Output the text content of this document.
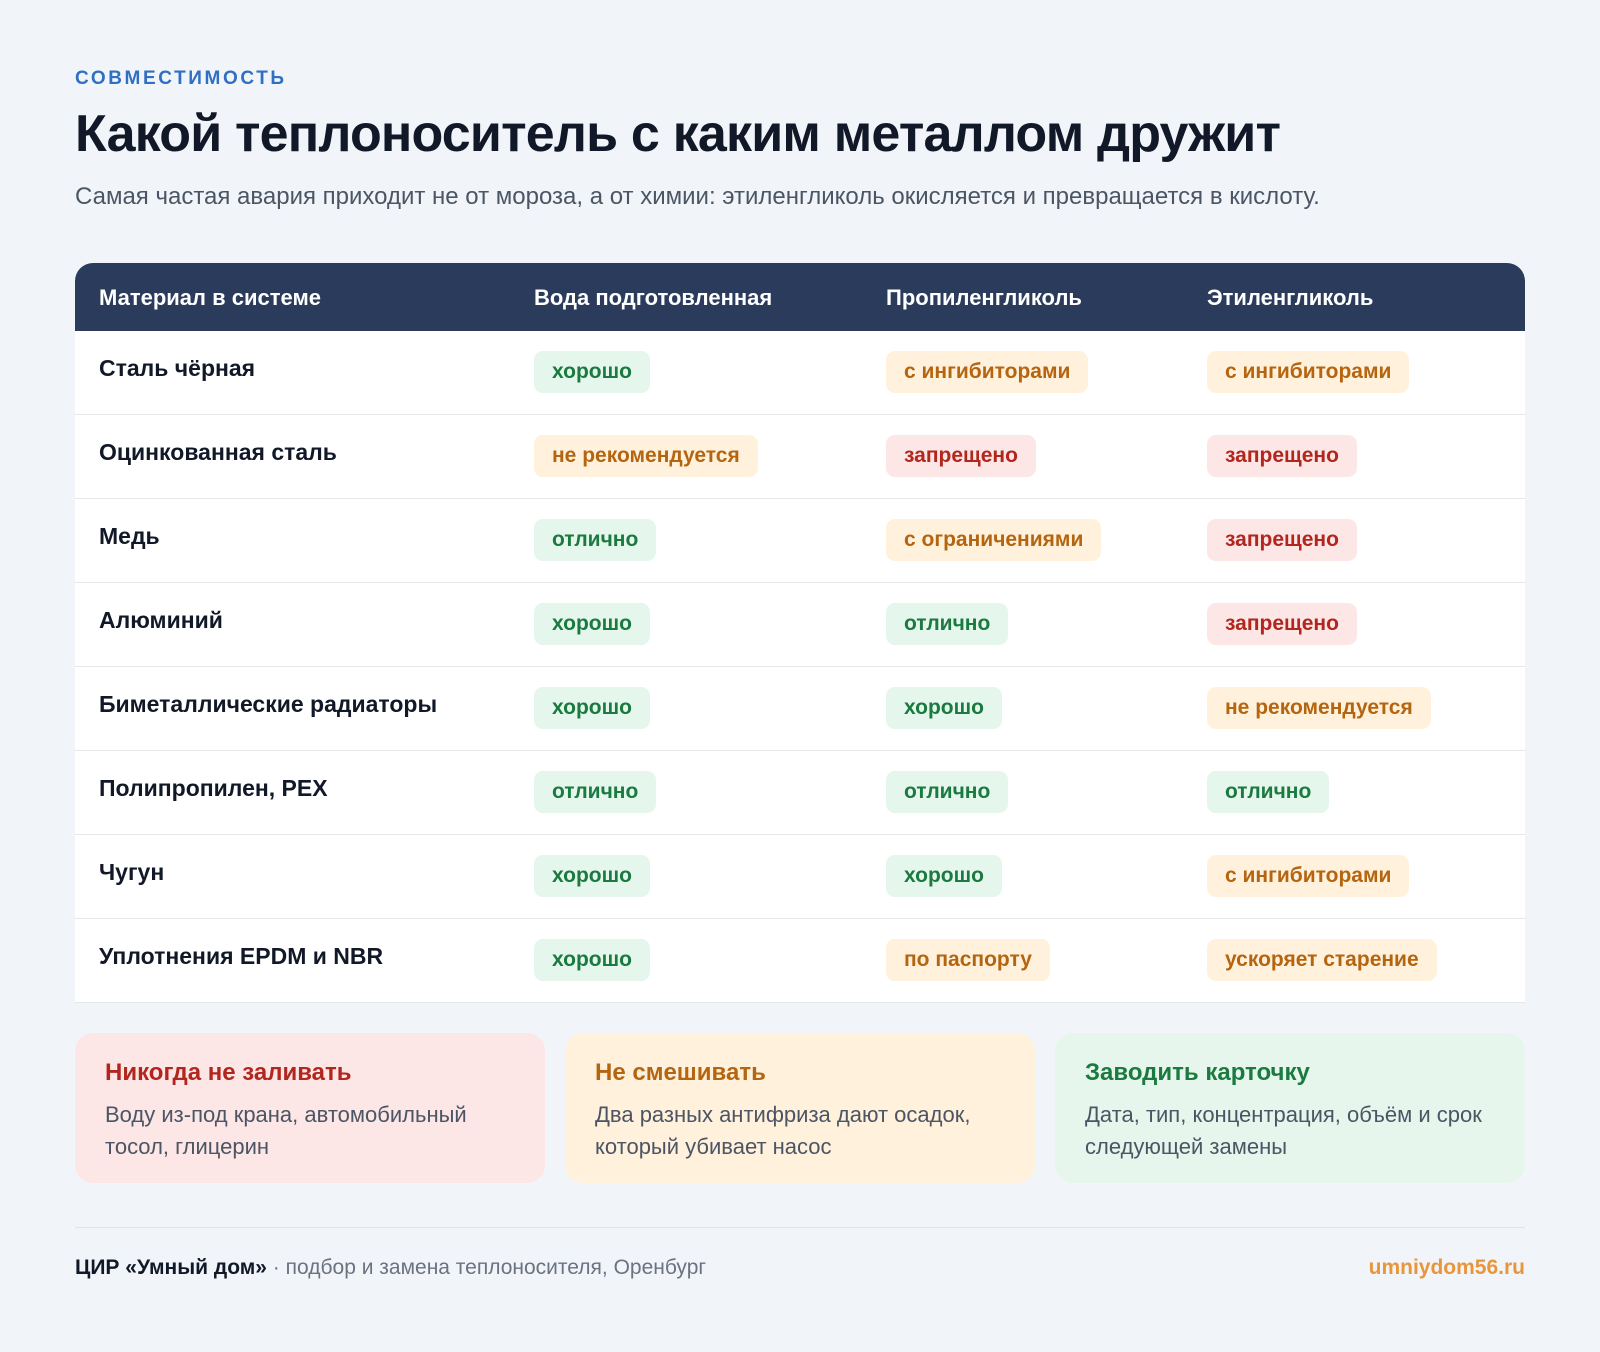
СОВМЕСТИМОСТЬ
Какой теплоноситель с каким металлом дружит

Самая частая авария приходит не от мороза, а от химии: этиленгликоль окисляется и превращается в кислоту.

Материал в системе	Вода подготовленная	Пропиленгликоль	Этиленгликоль
Сталь чёрная	хорошо	с ингибиторами	с ингибиторами
Оцинкованная сталь	не рекомендуется	запрещено	запрещено
Медь	отлично	с ограничениями	запрещено
Алюминий	хорошо	отлично	запрещено
Биметаллические радиаторы	хорошо	хорошо	не рекомендуется
Полипропилен, PEX	отлично	отлично	отлично
Чугун	хорошо	хорошо	с ингибиторами
Уплотнения EPDM и NBR	хорошо	по паспорту	ускоряет старение
Никогда не заливать
Воду из-под крана, автомобильный тосол, глицерин
Не смешивать
Два разных антифриза дают осадок, который убивает насос
Заводить карточку
Дата, тип, концентрация, объём и срок следующей замены
ЦИР «Умный дом» · подбор и замена теплоносителя, Оренбург	umniydom56.ru
